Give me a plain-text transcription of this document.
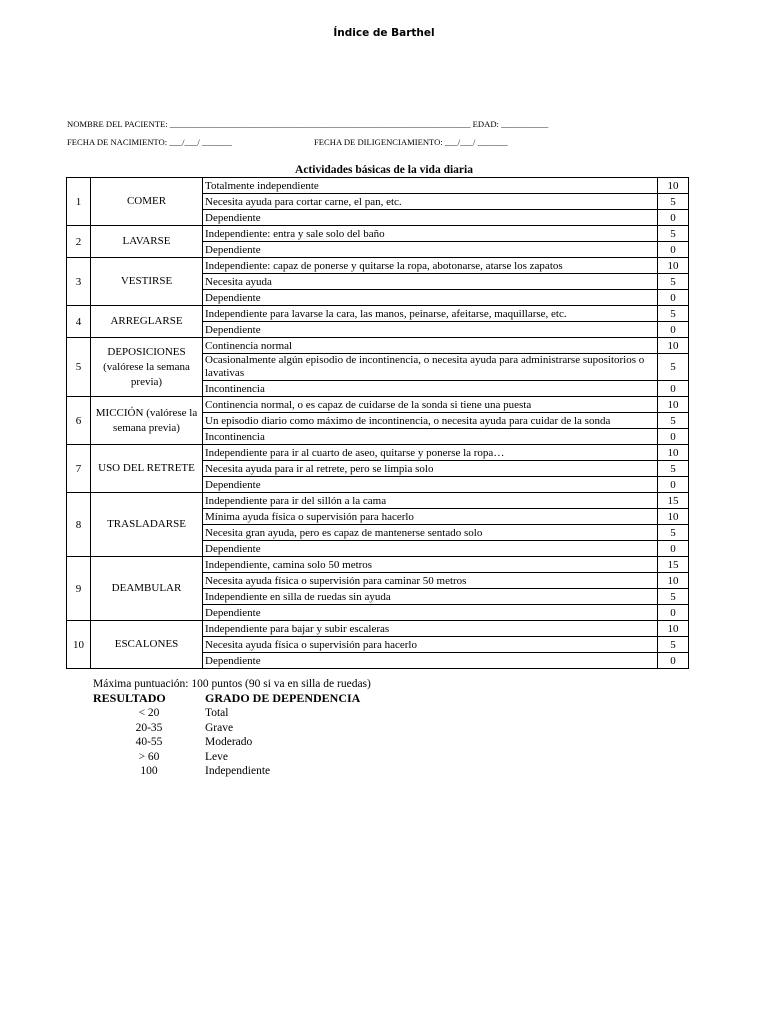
Índice de Barthel
NOMBRE DEL PACIENTE: ______________________________________________________________________ EDAD: ___________
FECHA DE NACIMIENTO: ___/___/ _______	FECHA DE DILIGENCIAMIENTO: ___/___/ _______
Actividades básicas de la vida diaria
1	COMER	Totalmente independiente	10
		Necesita ayuda para cortar carne, el pan, etc.	5
		Dependiente	0
2	LAVARSE	Independiente: entra y sale solo del baño	5
		Dependiente	0
3	VESTIRSE	Independiente: capaz de ponerse y quitarse la ropa, abotonarse, atarse los zapatos	10
		Necesita ayuda	5
		Dependiente	0
4	ARREGLARSE	Independiente para lavarse la cara, las manos, peinarse, afeitarse, maquillarse, etc.	5
		Dependiente	0
5	DEPOSICIONES (valórese la semana previa)	Continencia normal	10
		Ocasionalmente algún episodio de incontinencia, o necesita ayuda para administrarse supositorios o lavativas	5
		Incontinencia	0
6	MICCIÓN (valórese la semana previa)	Continencia normal, o es capaz de cuidarse de la sonda si tiene una puesta	10
		Un episodio diario como máximo de incontinencia, o necesita ayuda para cuidar de la sonda	5
		Incontinencia	0
7	USO DEL RETRETE	Independiente para ir al cuarto de aseo, quitarse y ponerse la ropa…	10
		Necesita ayuda para ir al retrete, pero se limpia solo	5
		Dependiente	0
8	TRASLADARSE	Independiente para ir del sillón a la cama	15
		Mínima ayuda física o supervisión para hacerlo	10
		Necesita gran ayuda, pero es capaz de mantenerse sentado solo	5
		Dependiente	0
9	DEAMBULAR	Independiente, camina solo 50 metros	15
		Necesita ayuda física o supervisión para caminar 50 metros	10
		Independiente en silla de ruedas sin ayuda	5
		Dependiente	0
10	ESCALONES	Independiente para bajar y subir escaleras	10
		Necesita ayuda física o supervisión para hacerlo	5
		Dependiente	0
Máxima puntuación: 100 puntos (90 si va en silla de ruedas)
RESULTADO	GRADO DE DEPENDENCIA
< 20	Total
20-35	Grave
40-55	Moderado
> 60	Leve
100	Independiente
